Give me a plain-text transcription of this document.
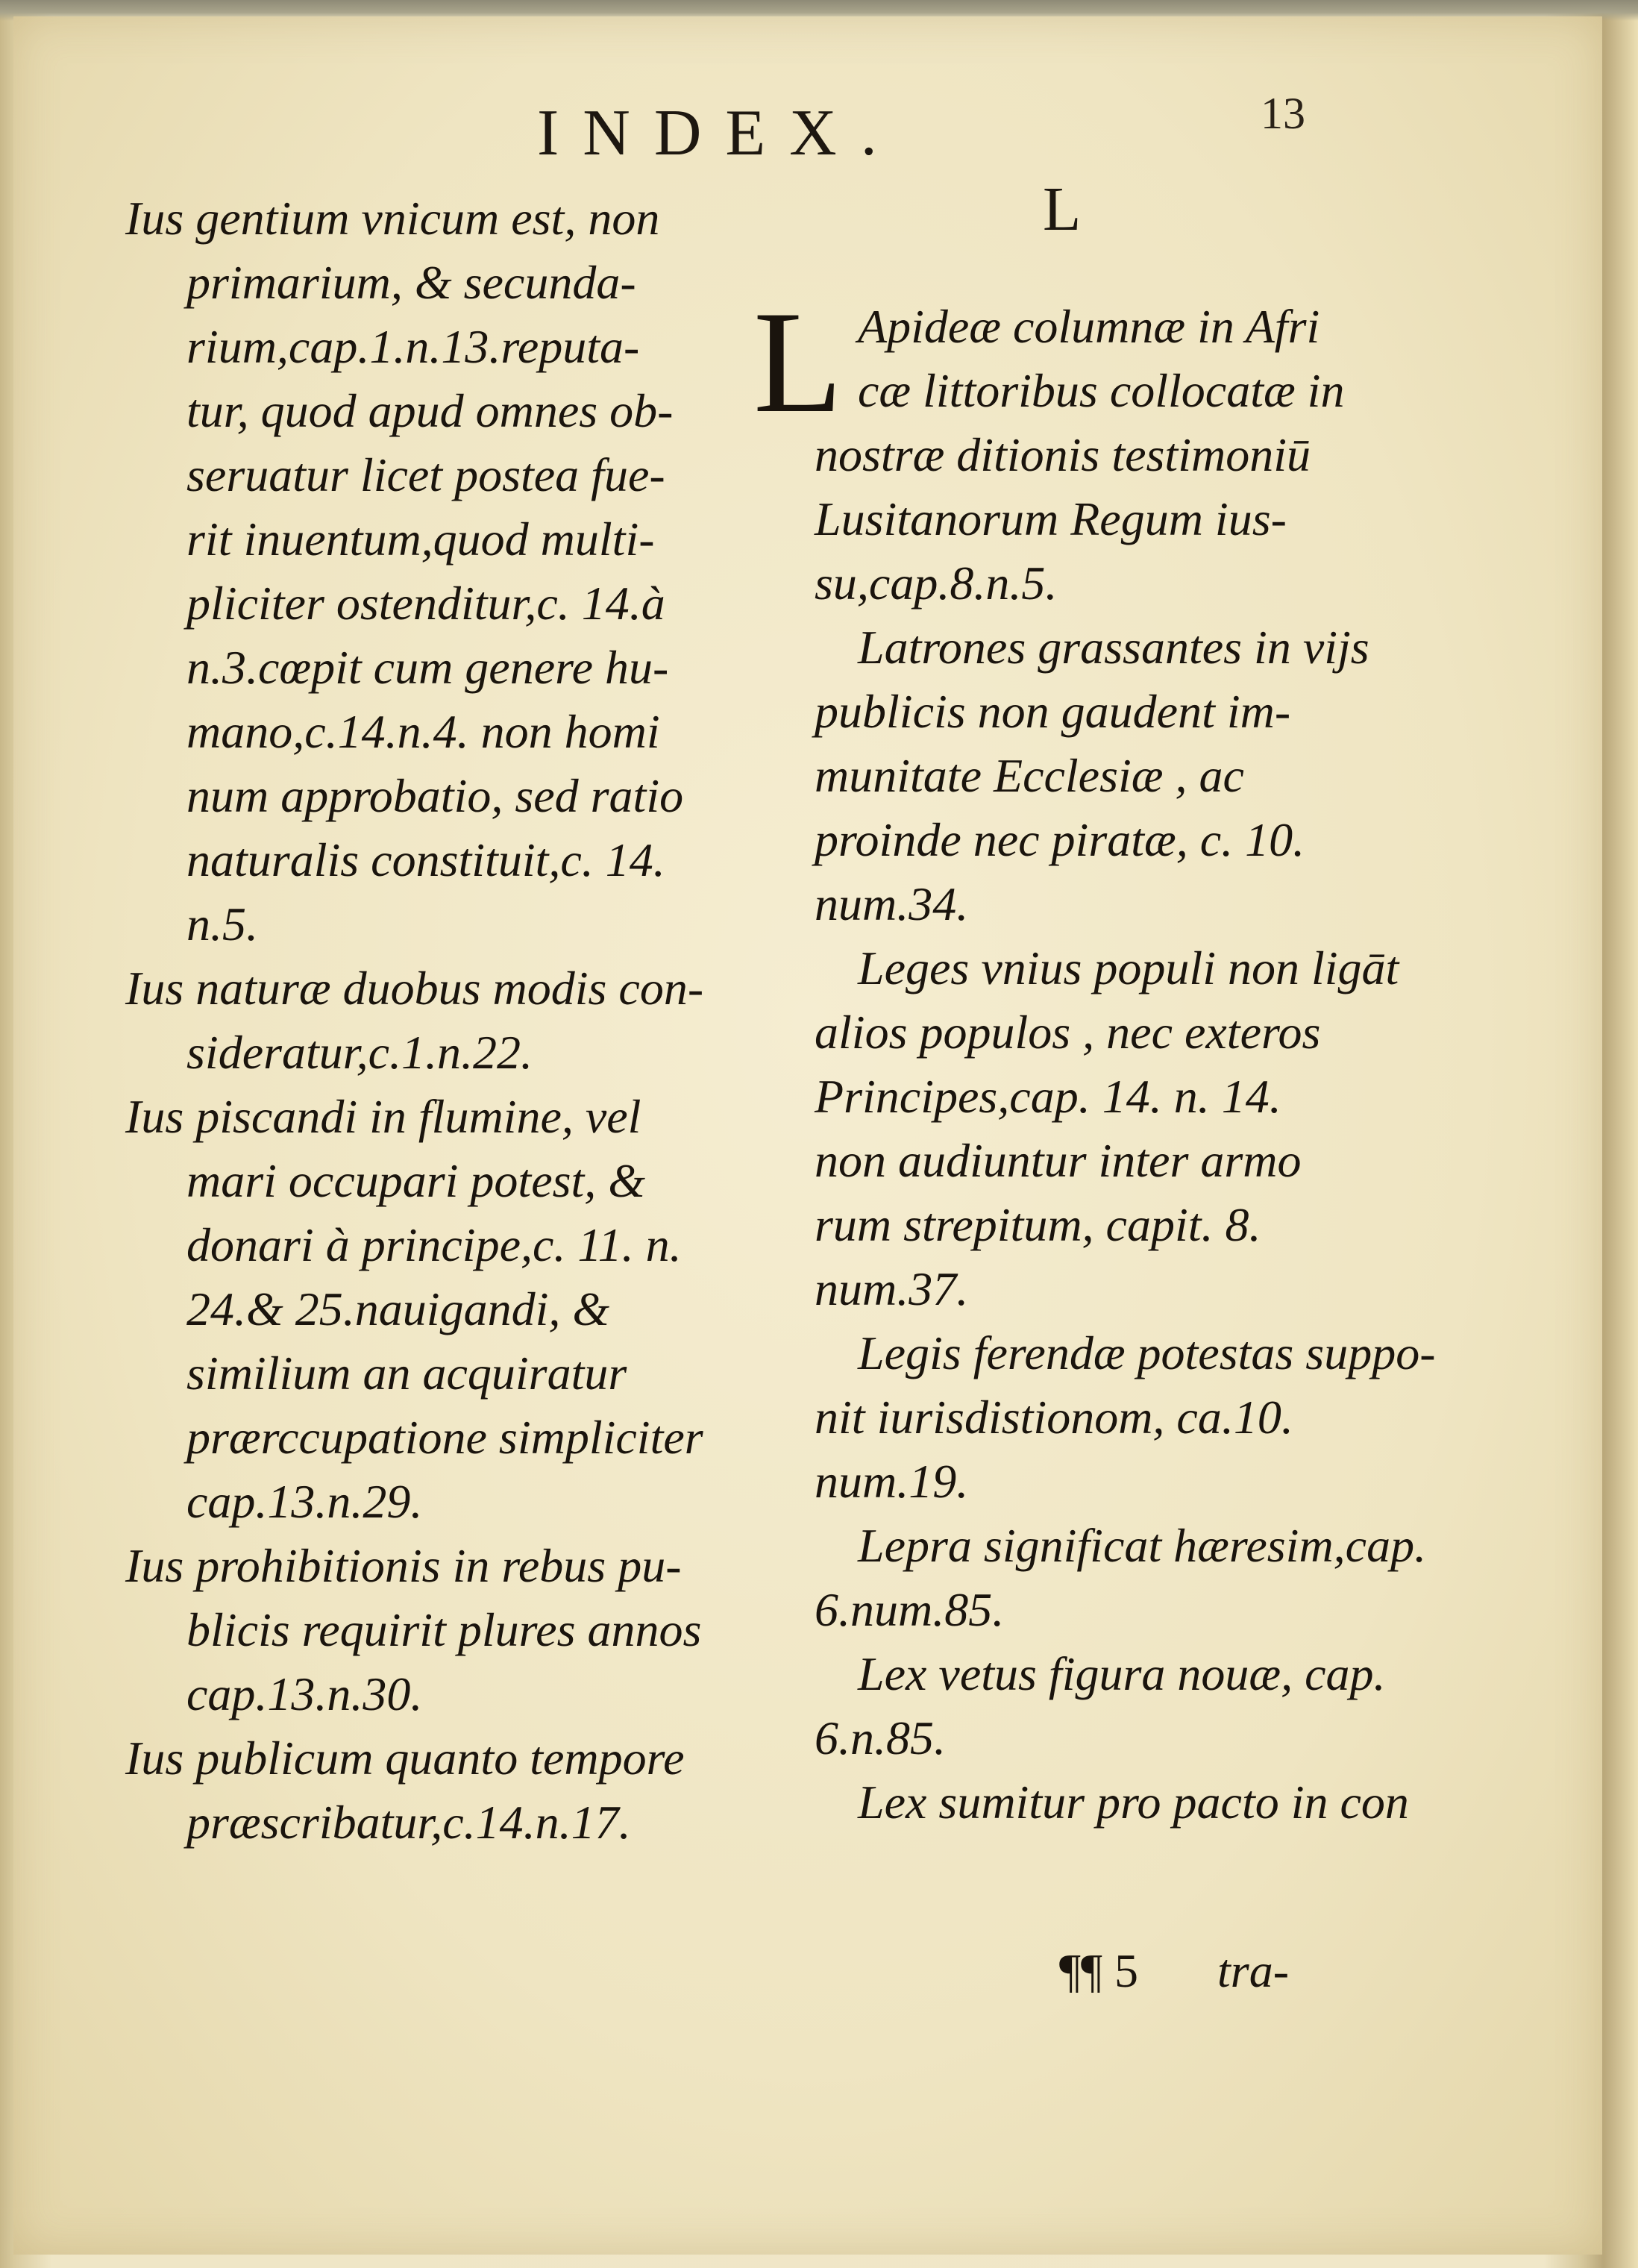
INDEX.	13
L
Ius gentium vnicum est, non
primarium, & secunda-
rium,cap.1.n.13.reputa-
tur, quod apud omnes ob-
seruatur licet postea fue-
rit inuentum,quod multi-
pliciter ostenditur,c. 14.à
n.3.cœpit cum genere hu-
mano,c.14.n.4. non homi
num approbatio, sed ratio
naturalis constituit,c. 14.
n.5.
Ius naturæ duobus modis con-
sideratur,c.1.n.22.
Ius piscandi in flumine, vel
mari occupari potest, &
donari à principe,c. 11. n.
24.& 25.nauigandi, &
similium an acquiratur
prærccupatione simpliciter
cap.13.n.29.
Ius prohibitionis in rebus pu-
blicis requirit plures annos
cap.13.n.30.
Ius publicum quanto tempore
præscribatur,c.14.n.17.
L Apideæ columnæ in Afri
cæ littoribus collocatæ in
nostræ ditionis testimoniū
Lusitanorum Regum ius-
su,cap.8.n.5.
Latrones grassantes in vijs
publicis non gaudent im-
munitate Ecclesiæ , ac
proinde nec piratæ, c. 10.
num.34.
Leges vnius populi non ligāt
alios populos , nec exteros
Principes,cap. 14. n. 14.
non audiuntur inter armo
rum strepitum, capit. 8.
num.37.
Legis ferendæ potestas suppo-
nit iurisdistionom, ca.10.
num.19.
Lepra significat hæresim,cap.
6.num.85.
Lex vetus figura nouæ, cap.
6.n.85.
Lex sumitur pro pacto in con
¶¶ 5 tra-
